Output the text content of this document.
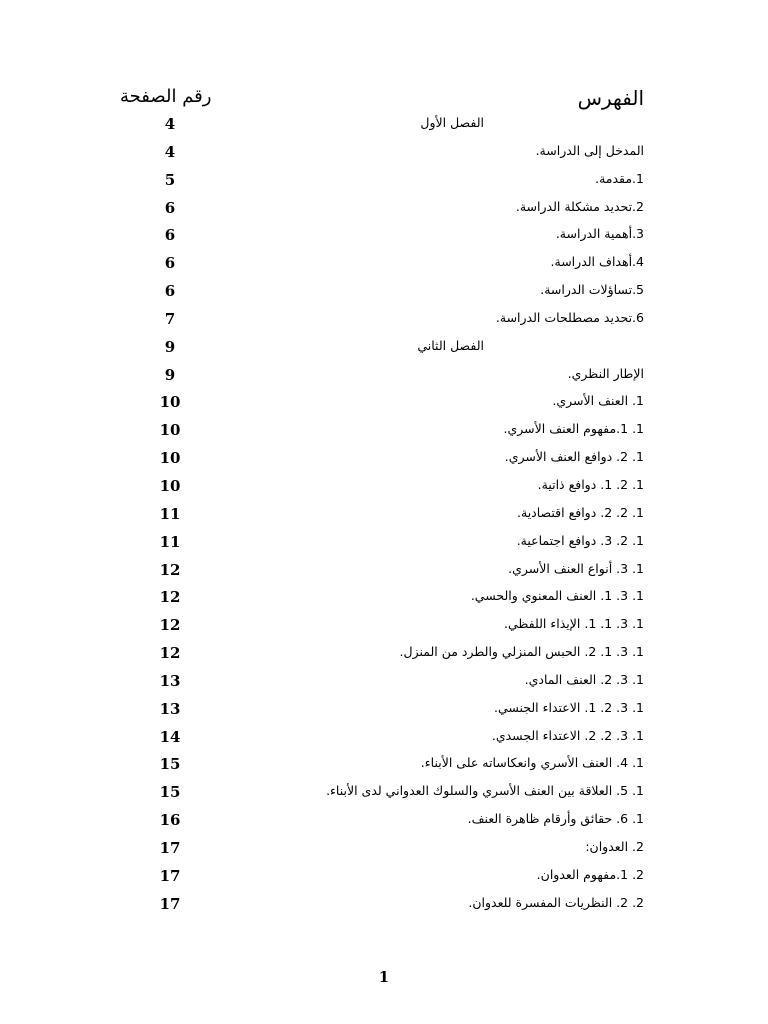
الفهرس
رقم الصفحة
الفصل الأول
4
المدخل إلى الدراسة.
4
1.مقدمة.
5
2.تحديد مشكلة الدراسة.
6
3.أهمية الدراسة.
6
4.أهداف الدراسة.
6
5.تساؤلات الدراسة.
6
6.تحديد مصطلحات الدراسة.
7
الفصل الثاني
9
الإطار النظري.
9
1. العنف الأسري.
10
1. 1.مفهوم العنف الأسري.
10
1. 2. دوافع العنف الأسري.
10
1. 2. 1. دوافع ذاتية.
10
1. 2. 2. دوافع اقتصادية.
11
1. 2. 3. دوافع اجتماعية.
11
1. 3. أنواع العنف الأسري.
12
1. 3. 1. العنف المعنوي والحسي.
12
1. 3. 1. 1. الإيذاء اللفظي.
12
1. 3. 1. 2. الحبس المنزلي والطرد من المنزل.
12
1. 3. 2. العنف المادي.
13
1. 3. 2. 1. الاعتداء الجنسي.
13
1. 3. 2. 2. الاعتداء الجسدي.
14
1. 4. العنف الأسري وانعكاساته على الأبناء.
15
1. 5. العلاقة بين العنف الأسري والسلوك العدواني لدى الأبناء.
15
1. 6. حقائق وأرقام ظاهرة العنف.
16
2. العدوان:
17
2. 1.مفهوم العدوان.
17
2. 2. النظريات المفسرة للعدوان.
17
1
